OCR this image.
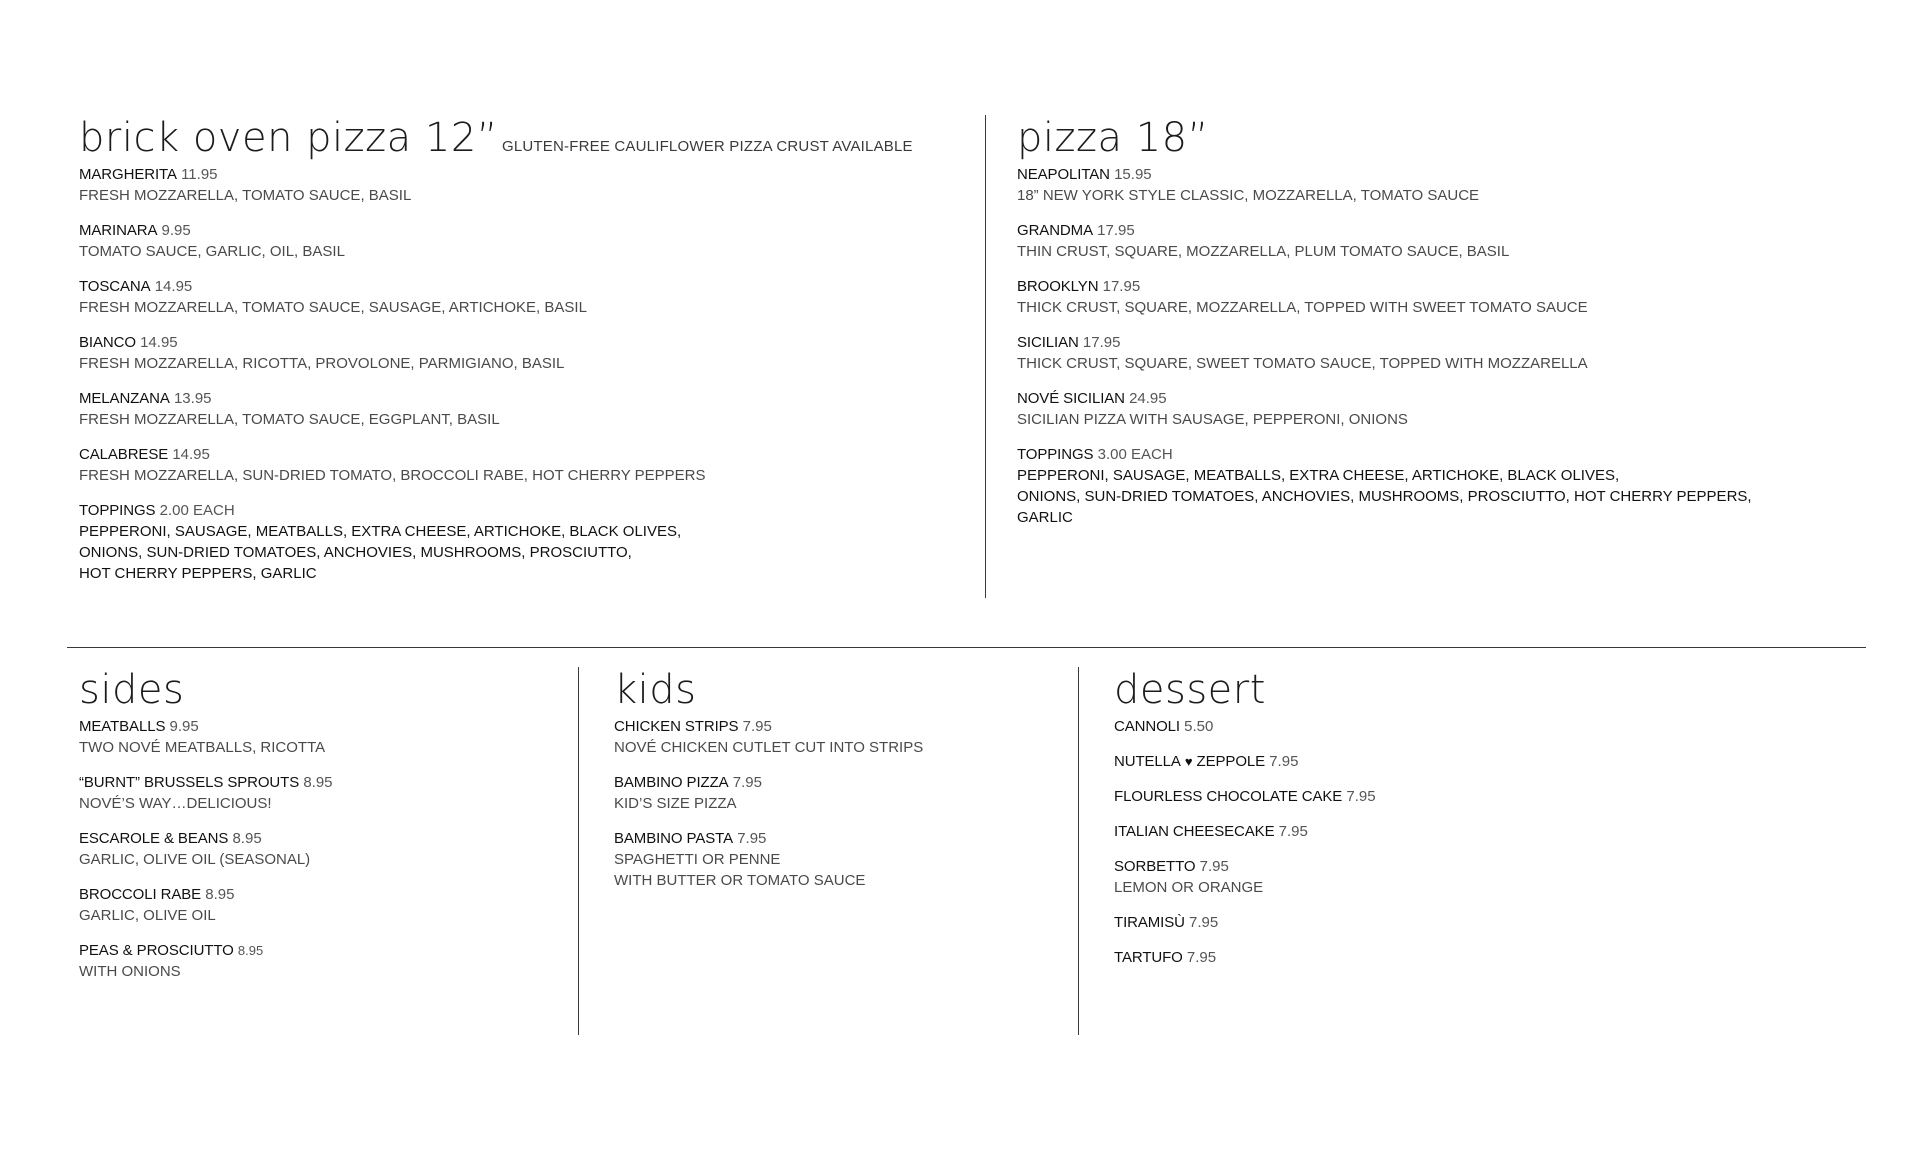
brick oven pizza 12” GLUTEN-FREE CAULIFLOWER PIZZA CRUST AVAILABLE
MARGHERITA 11.95
FRESH MOZZARELLA, TOMATO SAUCE, BASIL
MARINARA 9.95
TOMATO SAUCE, GARLIC, OIL, BASIL
TOSCANA 14.95
FRESH MOZZARELLA, TOMATO SAUCE, SAUSAGE, ARTICHOKE, BASIL
BIANCO 14.95
FRESH MOZZARELLA, RICOTTA, PROVOLONE, PARMIGIANO, BASIL
MELANZANA 13.95
FRESH MOZZARELLA, TOMATO SAUCE, EGGPLANT, BASIL
CALABRESE 14.95
FRESH MOZZARELLA, SUN-DRIED TOMATO, BROCCOLI RABE, HOT CHERRY PEPPERS
TOPPINGS 2.00 EACH
PEPPERONI, SAUSAGE, MEATBALLS, EXTRA CHEESE, ARTICHOKE, BLACK OLIVES,
ONIONS, SUN-DRIED TOMATOES, ANCHOVIES, MUSHROOMS, PROSCIUTTO,
HOT CHERRY PEPPERS, GARLIC
pizza 18”
NEAPOLITAN 15.95
18” NEW YORK STYLE CLASSIC, MOZZARELLA, TOMATO SAUCE
GRANDMA 17.95
THIN CRUST, SQUARE, MOZZARELLA, PLUM TOMATO SAUCE, BASIL
BROOKLYN 17.95
THICK CRUST, SQUARE, MOZZARELLA, TOPPED WITH SWEET TOMATO SAUCE
SICILIAN 17.95
THICK CRUST, SQUARE, SWEET TOMATO SAUCE, TOPPED WITH MOZZARELLA
NOVÉ SICILIAN 24.95
SICILIAN PIZZA WITH SAUSAGE, PEPPERONI, ONIONS
TOPPINGS 3.00 EACH
PEPPERONI, SAUSAGE, MEATBALLS, EXTRA CHEESE, ARTICHOKE, BLACK OLIVES,
ONIONS, SUN-DRIED TOMATOES, ANCHOVIES, MUSHROOMS, PROSCIUTTO, HOT CHERRY PEPPERS,
GARLIC
sides
MEATBALLS 9.95
TWO NOVÉ MEATBALLS, RICOTTA
“BURNT” BRUSSELS SPROUTS 8.95
NOVÉ’S WAY…DELICIOUS!
ESCAROLE & BEANS 8.95
GARLIC, OLIVE OIL (SEASONAL)
BROCCOLI RABE 8.95
GARLIC, OLIVE OIL
PEAS & PROSCIUTTO 8.95
WITH ONIONS
kids
CHICKEN STRIPS 7.95
NOVÉ CHICKEN CUTLET CUT INTO STRIPS
BAMBINO PIZZA 7.95
KID’S SIZE PIZZA
BAMBINO PASTA 7.95
SPAGHETTI OR PENNE
WITH BUTTER OR TOMATO SAUCE
dessert
CANNOLI 5.50
NUTELLA ♥ ZEPPOLE 7.95
FLOURLESS CHOCOLATE CAKE 7.95
ITALIAN CHEESECAKE 7.95
SORBETTO 7.95
LEMON OR ORANGE
TIRAMISÙ 7.95
TARTUFO 7.95
